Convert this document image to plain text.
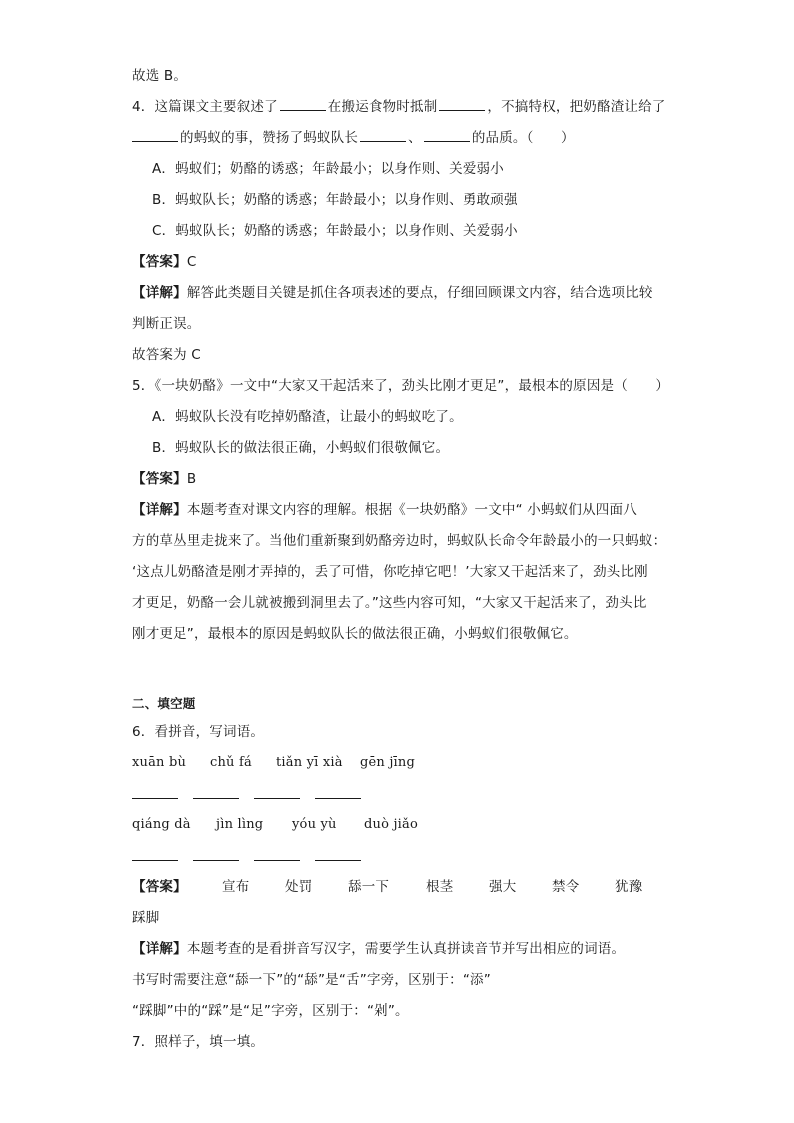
故选 B。
4．这篇课文主要叙述了	在搬运食物时抵制	，不搞特权，把奶酪渣让给了
的蚂蚁的事，赞扬了蚂蚁队长	、	的品质。（　　）
A．蚂蚁们；奶酪的诱惑；年龄最小；以身作则、关爱弱小
B．蚂蚁队长；奶酪的诱惑；年龄最小；以身作则、勇敢顽强
C．蚂蚁队长；奶酪的诱惑；年龄最小；以身作则、关爱弱小
【答案】C
【详解】解答此类题目关键是抓住各项表述的要点，仔细回顾课文内容，结合选项比较
判断正误。
故答案为 C
5．《一块奶酪》一文中“大家又干起活来了，劲头比刚才更足”，最根本的原因是（　　）
A．蚂蚁队长没有吃掉奶酪渣，让最小的蚂蚁吃了。
B．蚂蚁队长的做法很正确，小蚂蚁们很敬佩它。
【答案】B
【详解】本题考查对课文内容的理解。根据《一块奶酪》一文中“ 小蚂蚁们从四面八
方的草丛里走拢来了。当他们重新聚到奶酪旁边时，蚂蚁队长命令年龄最小的一只蚂蚁：
‘这点儿奶酪渣是刚才弄掉的，丢了可惜，你吃掉它吧！’大家又干起活来了，劲头比刚
才更足，奶酪一会儿就被搬到洞里去了。”这些内容可知，“大家又干起活来了，劲头比
刚才更足”，最根本的原因是蚂蚁队长的做法很正确，小蚂蚁们很敬佩它。
二、填空题
6．看拼音，写词语。
xuān bù chǔ fá tiǎn yī xià gēn jīng
qiáng dà jìn lìng yóu yù duò jiǎo
【答案】	宣布	处罚	舔一下	根茎	强大	禁令	犹豫
踩脚
【详解】本题考查的是看拼音写汉字，需要学生认真拼读音节并写出相应的词语。
书写时需要注意“舔一下”的“舔”是“舌”字旁，区别于：“添”
“踩脚”中的“踩”是“足”字旁，区别于：“剁”。
7．照样子，填一填。
